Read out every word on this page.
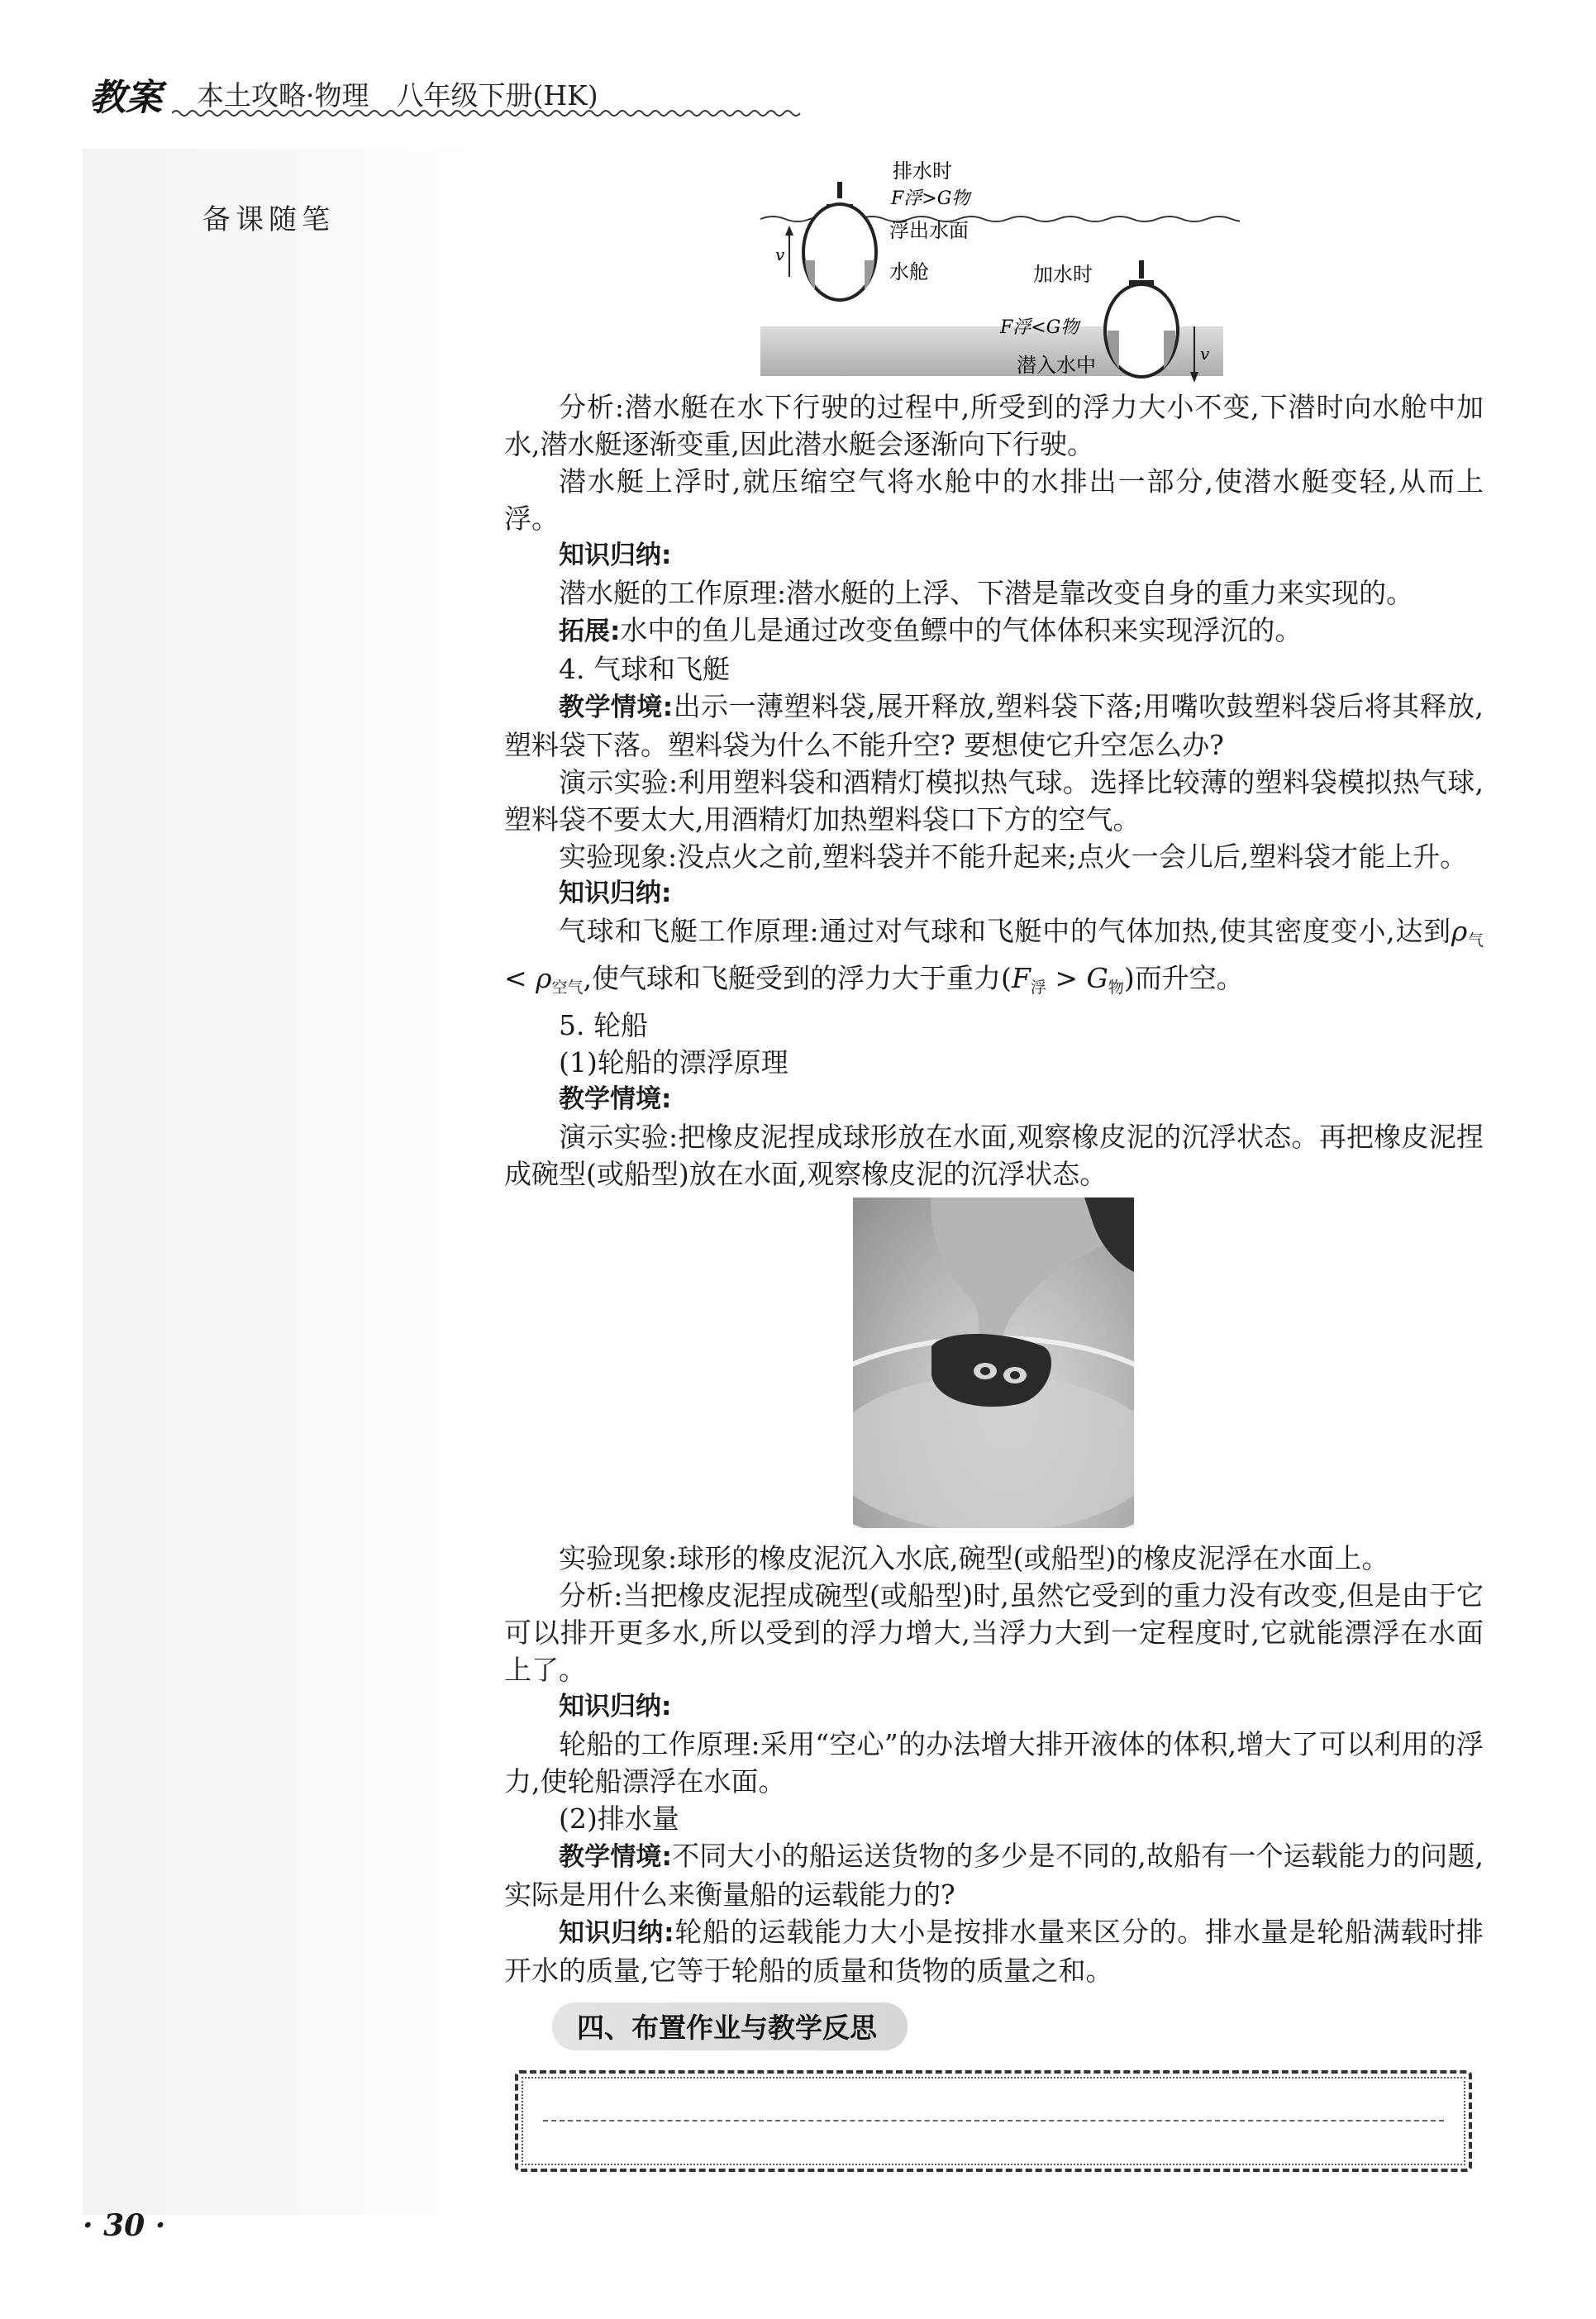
教案 本土攻略·物理　八年级下册(HK)
备课随笔
v
排水时
F浮>G物
浮出水面
水舱
v
加水时
F浮<G物
潜入水中

分析:潜水艇在水下行驶的过程中,所受到的浮力大小不变,下潜时向水舱中加水,潜水艇逐渐变重,因此潜水艇会逐渐向下行驶。

潜水艇上浮时,就压缩空气将水舱中的水排出一部分,使潜水艇变轻,从而上浮。

知识归纳:

潜水艇的工作原理:潜水艇的上浮、下潜是靠改变自身的重力来实现的。

拓展:水中的鱼儿是通过改变鱼鳔中的气体体积来实现浮沉的。

4. 气球和飞艇

教学情境:出示一薄塑料袋,展开释放,塑料袋下落;用嘴吹鼓塑料袋后将其释放,塑料袋下落。塑料袋为什么不能升空? 要想使它升空怎么办?

演示实验:利用塑料袋和酒精灯模拟热气球。选择比较薄的塑料袋模拟热气球,塑料袋不要太大,用酒精灯加热塑料袋口下方的空气。

实验现象:没点火之前,塑料袋并不能升起来;点火一会儿后,塑料袋才能上升。

知识归纳:

气球和飞艇工作原理:通过对气球和飞艇中的气体加热,使其密度变小,达到$\rho_气 < \rho_{空气}$,使气球和飞艇受到的浮力大于重力$(F_浮 > G_物)$而升空。

5. 轮船

(1)轮船的漂浮原理

教学情境:

演示实验:把橡皮泥捏成球形放在水面,观察橡皮泥的沉浮状态。再把橡皮泥捏成碗型(或船型)放在水面,观察橡皮泥的沉浮状态。

实验现象:球形的橡皮泥沉入水底,碗型(或船型)的橡皮泥浮在水面上。

分析:当把橡皮泥捏成碗型(或船型)时,虽然它受到的重力没有改变,但是由于它可以排开更多水,所以受到的浮力增大,当浮力大到一定程度时,它就能漂浮在水面上了。

知识归纳:

轮船的工作原理:采用“空心”的办法增大排开液体的体积,增大了可以利用的浮力,使轮船漂浮在水面。

(2)排水量

教学情境:不同大小的船运送货物的多少是不同的,故船有一个运载能力的问题,实际是用什么来衡量船的运载能力的?

知识归纳:轮船的运载能力大小是按排水量来区分的。排水量是轮船满载时排开水的质量,它等于轮船的质量和货物的质量之和。

四、布置作业与教学反思
· 30 ·
